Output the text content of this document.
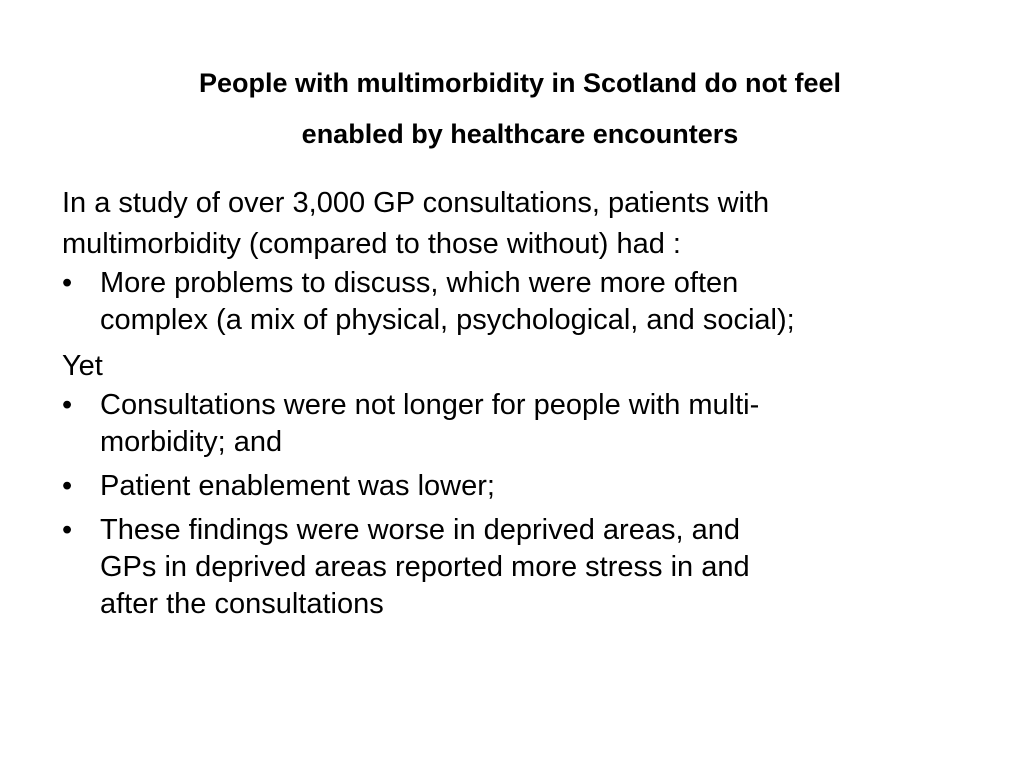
People with multimorbidity in Scotland do not feel
enabled by healthcare encounters

In a study of over 3,000 GP consultations, patients with
multimorbidity (compared to those without) had :

• More problems to discuss, which were more often
complex (a mix of physical, psychological, and social);

Yet

• Consultations were not longer for people with multi-
morbidity; and
• Patient enablement was lower;
• These findings were worse in deprived areas, and
GPs in deprived areas reported more stress in and
after the consultations
